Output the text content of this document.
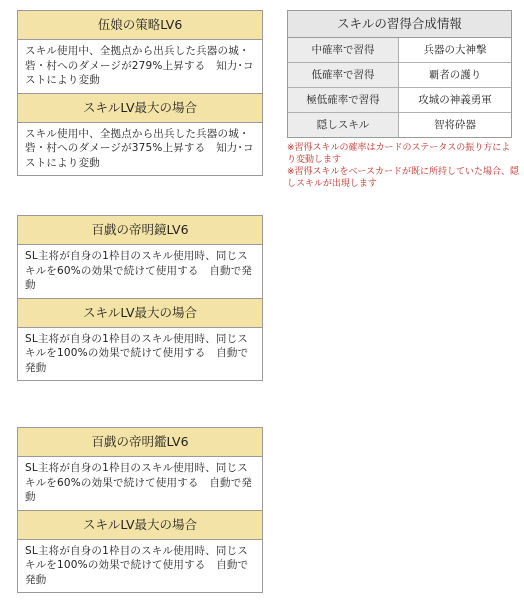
伍娘の策略LV6
スキル使用中、全拠点から出兵した兵器の城・砦・村へのダメージが279%上昇する　知力･コストにより変動
スキルLV最大の場合
スキル使用中、全拠点から出兵した兵器の城・砦・村へのダメージが375%上昇する　知力･コストにより変動
百戯の帝明鏡LV6
SL主将が自身の1枠目のスキル使用時、同じスキルを60%の効果で続けて使用する　自動で発動
スキルLV最大の場合
SL主将が自身の1枠目のスキル使用時、同じスキルを100%の効果で続けて使用する　自動で発動
百戯の帝明鑑LV6
SL主将が自身の1枠目のスキル使用時、同じスキルを60%の効果で続けて使用する　自動で発動
スキルLV最大の場合
SL主将が自身の1枠目のスキル使用時、同じスキルを100%の効果で続けて使用する　自動で発動
スキルの習得合成情報
中確率で習得	兵器の大神撃
低確率で習得	覇者の護り
極低確率で習得	攻城の神義勇軍
隠しスキル	智将砕器
※習得スキルの確率はカードのステータスの振り方により変動します
※習得スキルをベースカードが既に所持していた場合、隠しスキルが出現します
